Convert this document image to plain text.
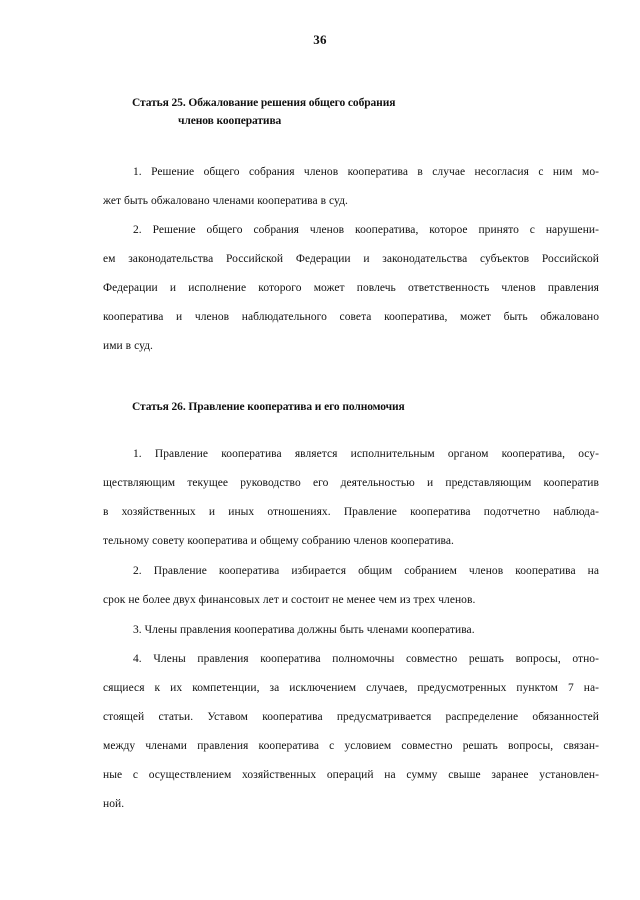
36
Статья 25. Обжалование решения общего собрания
членов кооператива
1. Решение общего собрания членов кооператива в случае несогласия с ним мо-
жет быть обжаловано членами кооператива в суд.
2. Решение общего собрания членов кооператива, которое принято с нарушени-
ем законодательства Российской Федерации и законодательства субъектов Российской
Федерации и исполнение которого может повлечь ответственность членов правления
кооператива и членов наблюдательного совета кооператива, может быть обжаловано
ими в суд.
Статья 26. Правление кооператива и его полномочия
1. Правление кооператива является исполнительным органом кооператива, осу-
ществляющим текущее руководство его деятельностью и представляющим кооператив
в хозяйственных и иных отношениях. Правление кооператива подотчетно наблюда-
тельному совету кооператива и общему собранию членов кооператива.
2. Правление кооператива избирается общим собранием членов кооператива на
срок не более двух финансовых лет и состоит не менее чем из трех членов.
3. Члены правления кооператива должны быть членами кооператива.
4. Члены правления кооператива полномочны совместно решать вопросы, отно-
сящиеся к их компетенции, за исключением случаев, предусмотренных пунктом 7 на-
стоящей статьи. Уставом кооператива предусматривается распределение обязанностей
между членами правления кооператива с условием совместно решать вопросы, связан-
ные с осуществлением хозяйственных операций на сумму свыше заранее установлен-
ной.
